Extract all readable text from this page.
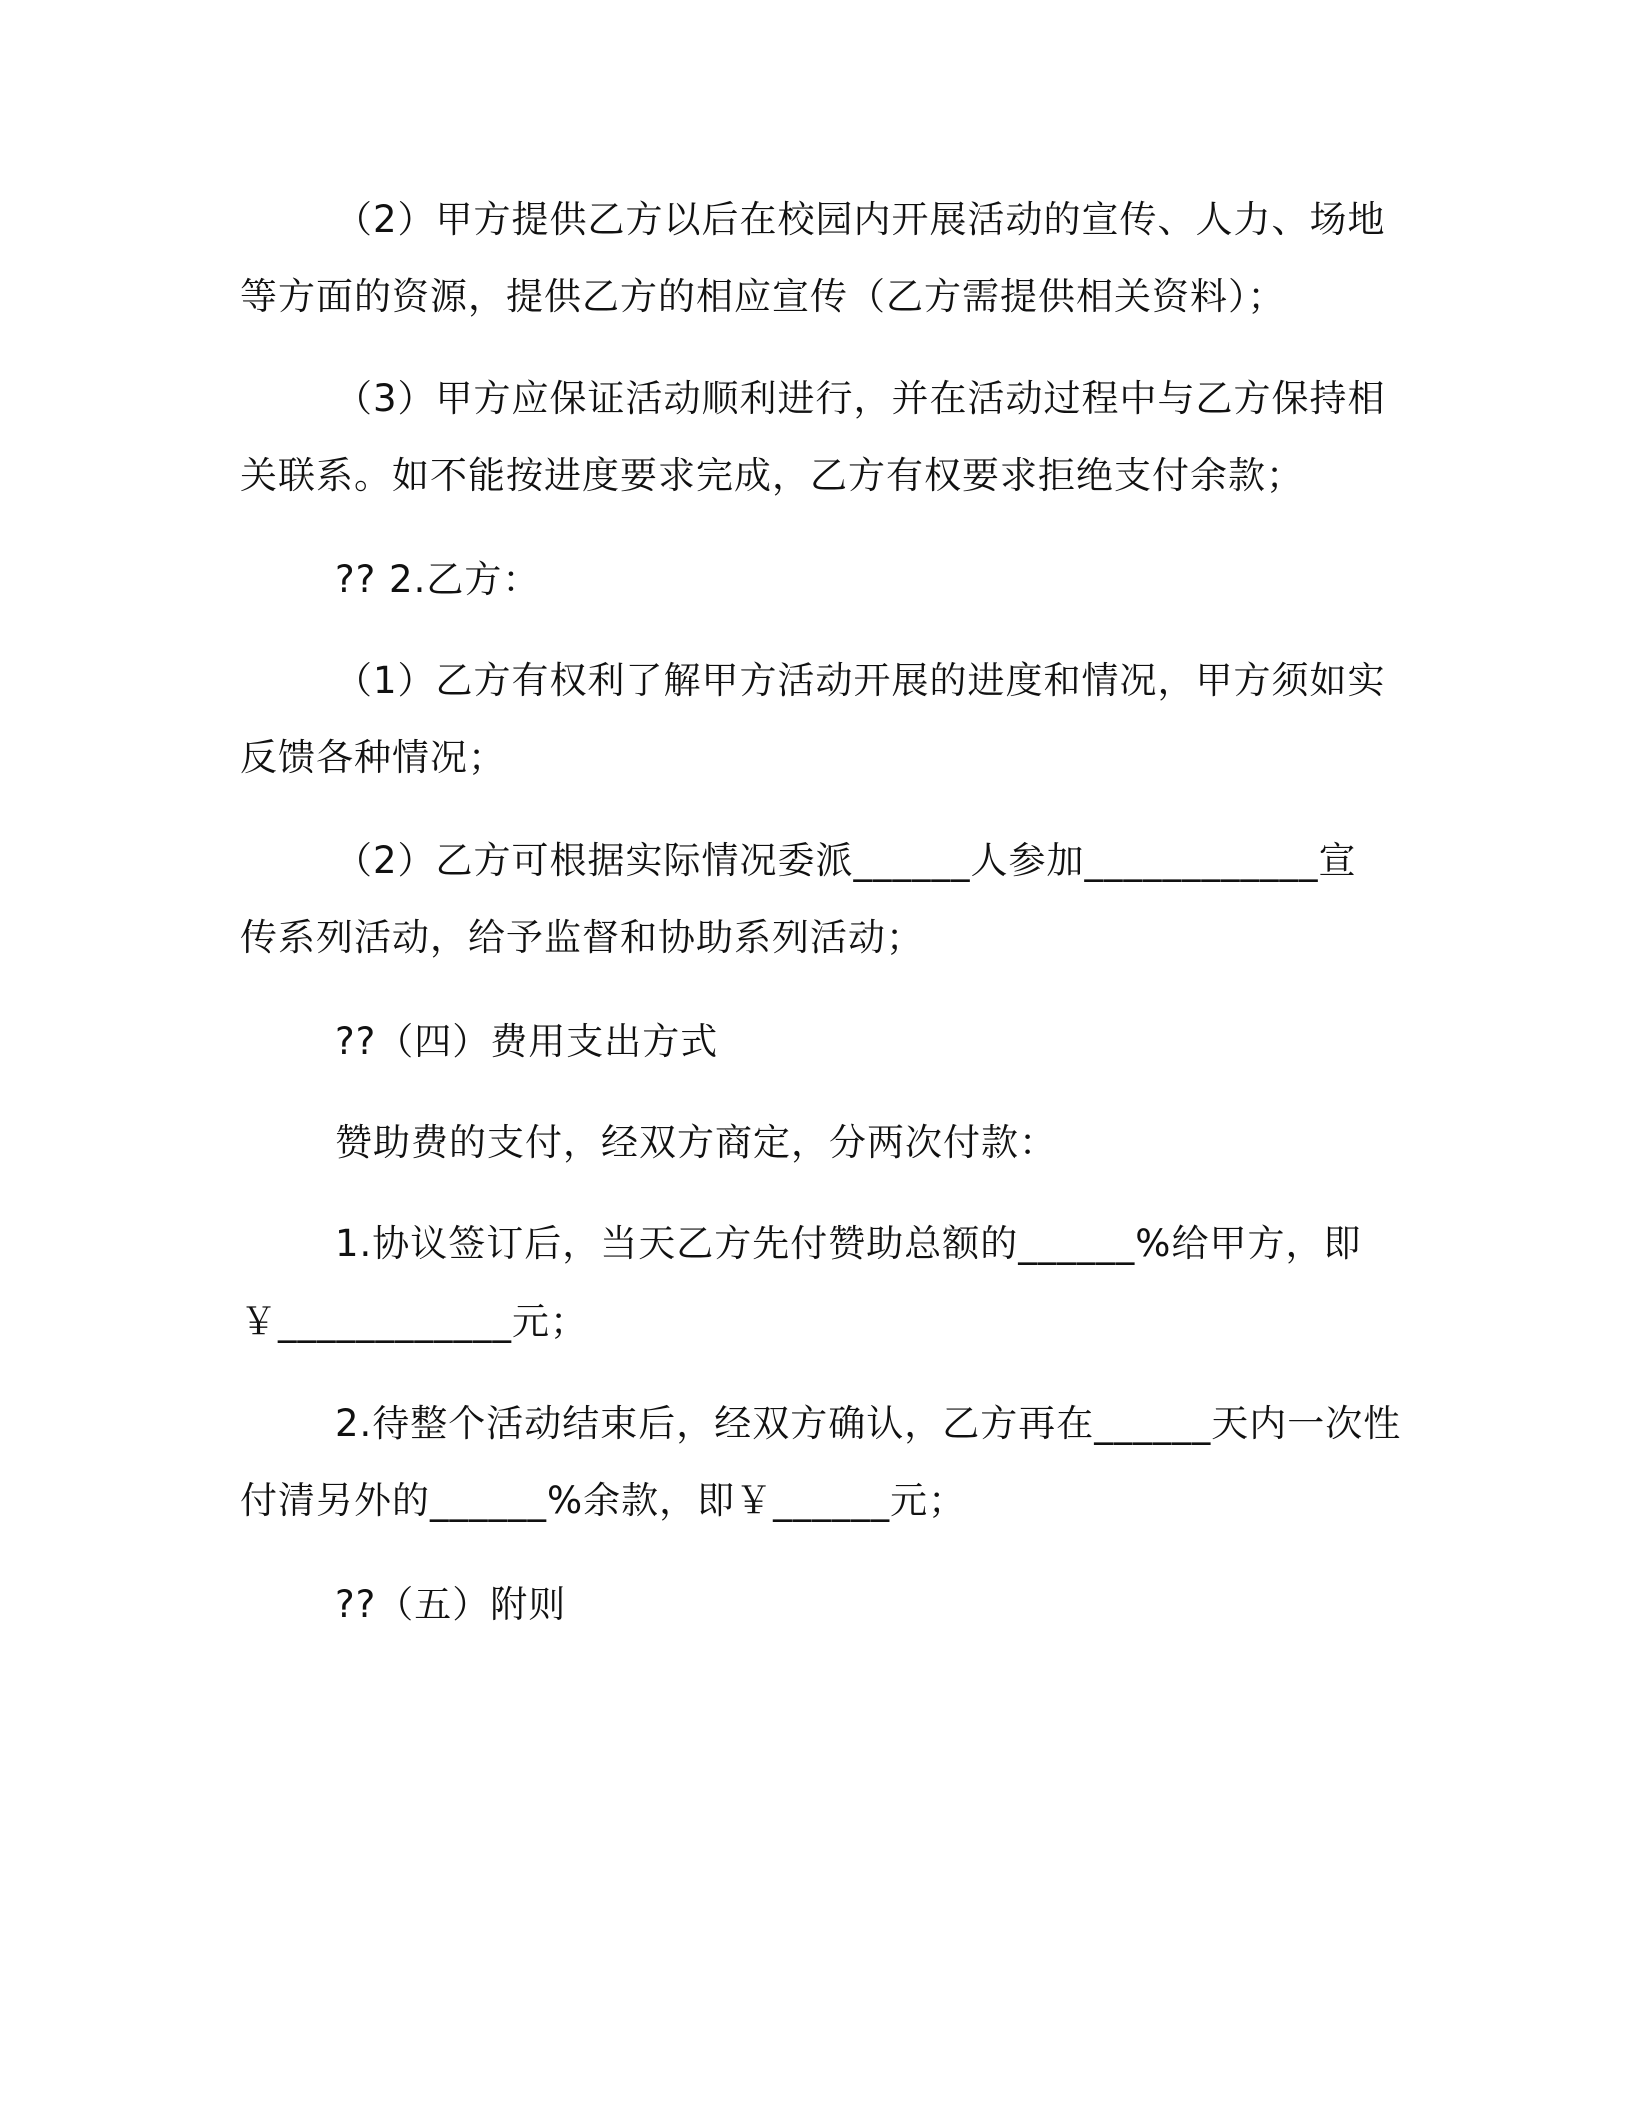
（2）甲方提供乙方以后在校园内开展活动的宣传、人力、场地
等方面的资源，提供乙方的相应宣传（乙方需提供相关资料）；
（3）甲方应保证活动顺利进行，并在活动过程中与乙方保持相
关联系。如不能按进度要求完成，乙方有权要求拒绝支付余款；
?? 2.乙方：
（1）乙方有权利了解甲方活动开展的进度和情况，甲方须如实
反馈各种情况；
（2）乙方可根据实际情况委派______人参加____________宣
传系列活动，给予监督和协助系列活动；
??（四）费用支出方式
赞助费的支付，经双方商定，分两次付款：
1.协议签订后，当天乙方先付赞助总额的______%给甲方，即
￥____________元；
2.待整个活动结束后，经双方确认，乙方再在______天内一次性
付清另外的______%余款，即￥______元；
??（五）附则
